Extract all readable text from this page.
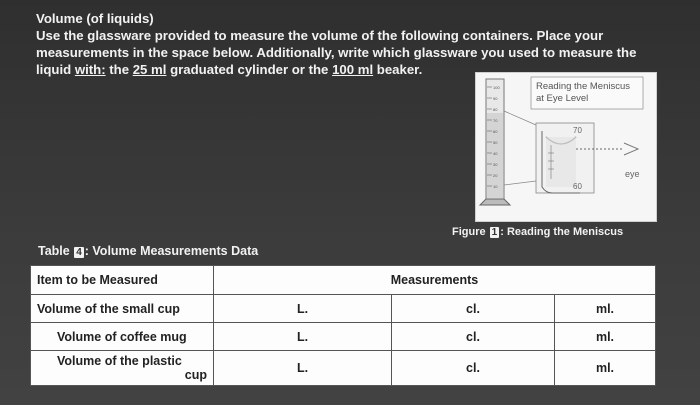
Volume (of liquids)
Use the glassware provided to measure the volume of the following containers. Place your
measurements in the space below. Additionally, write which glassware you used to measure the
liquid with: the 25 ml graduated cylinder or the 100 ml beaker.
100
90
80
70
60
50
40
30
20
10
Reading the Meniscus
at Eye Level
70
60
eye
Figure 1 : Reading the Meniscus
Table 4 : Volume Measurements Data
Item to be Measured	Measurements		
Volume of the small cup	L.	cl.	ml.
Volume of coffee mug	L.	cl.	ml.

Volume of the plastic
cup	L.	cl.	ml.
